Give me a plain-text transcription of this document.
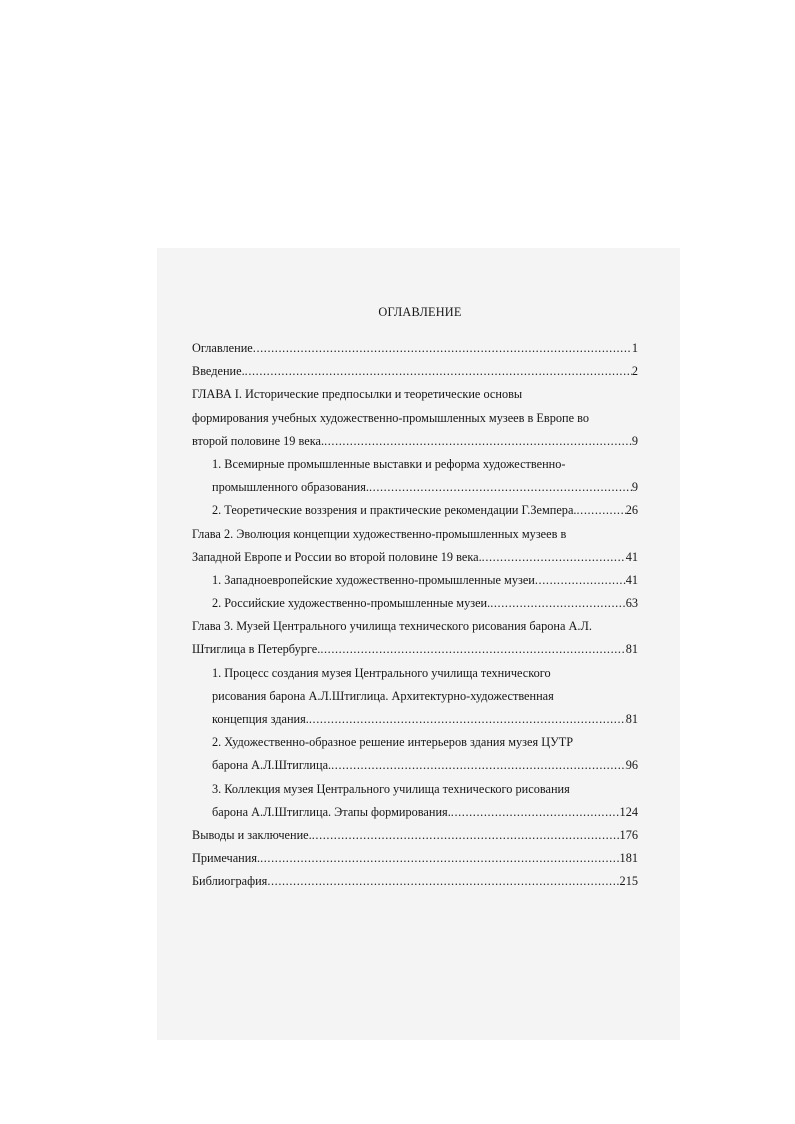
ОГЛАВЛЕНИЕ
Оглавление .....	1
Введение. .....	2
ГЛАВА I. Исторические предпосылки и теоретические основы
формирования учебных художественно-промышленных музеев в Европе во
второй половине 19 века. .....	9
1. Всемирные промышленные выставки и реформа художественно-
промышленного образования. .....	9
2. Теоретические воззрения и практические рекомендации Г.Земпера. .....	26
Глава 2. Эволюция концепции художественно-промышленных музеев в
Западной Европе и России во второй половине 19 века. .....	41
1. Западноевропейские художественно-промышленные музеи .....	41
2. Российские художественно-промышленные музеи. .....	63
Глава 3. Музей Центрального училища технического рисования барона А.Л.
Штиглица в Петербурге. .....	81
1. Процесс создания музея Центрального училища технического
рисования барона А.Л.Штиглица. Архитектурно-художественная
концепция здания. .....	81
2. Художественно-образное решение интерьеров здания музея ЦУТР
барона А.Л.Штиглица. .....	96
3. Коллекция музея Центрального училища технического рисования
барона А.Л.Штиглица. Этапы формирования. .....	124
Выводы и заключение. .....	176
Примечания. .....	181
Библиография .....	215
